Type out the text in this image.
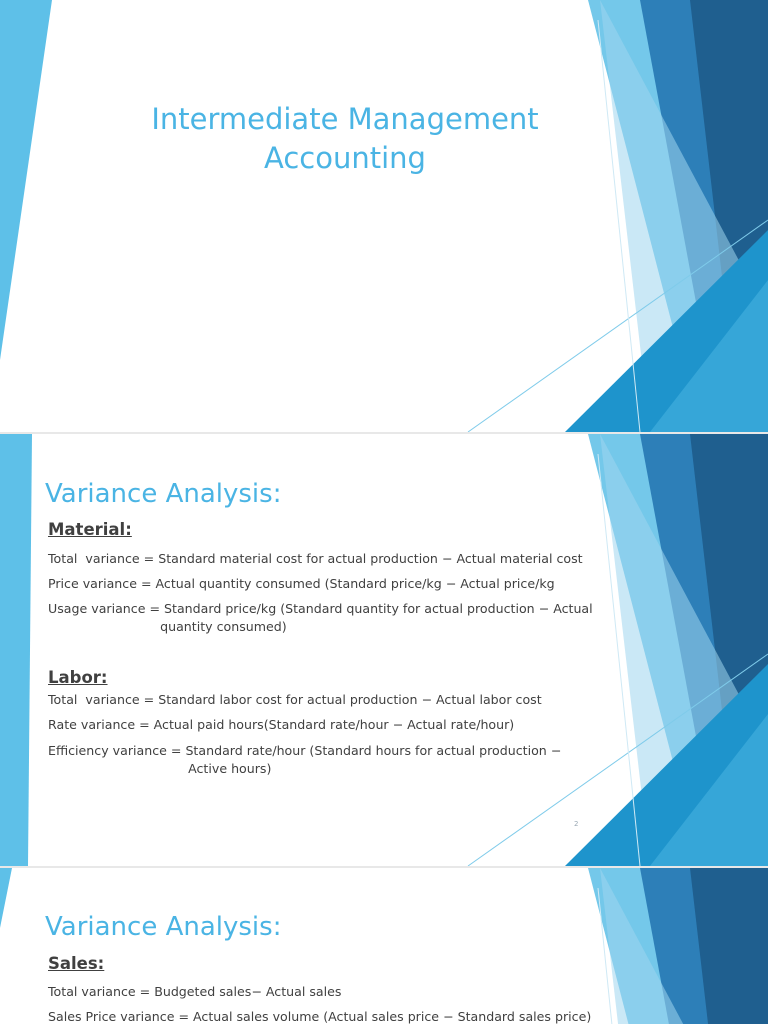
Intermediate Management
Accounting
Variance Analysis:
Material:
Total  variance = Standard material cost for actual production − Actual material cost
Price variance = Actual quantity consumed (Standard price/kg − Actual price/kg
Usage variance = Standard price/kg (Standard quantity for actual production − Actual
quantity consumed)
Labor:
Total  variance = Standard labor cost for actual production − Actual labor cost
Rate variance = Actual paid hours(Standard rate/hour − Actual rate/hour)
Efficiency variance = Standard rate/hour (Standard hours for actual production −
Active hours)
2
Variance Analysis:
Sales:
Total variance = Budgeted sales− Actual sales
Sales Price variance = Actual sales volume (Actual sales price − Standard sales price)
